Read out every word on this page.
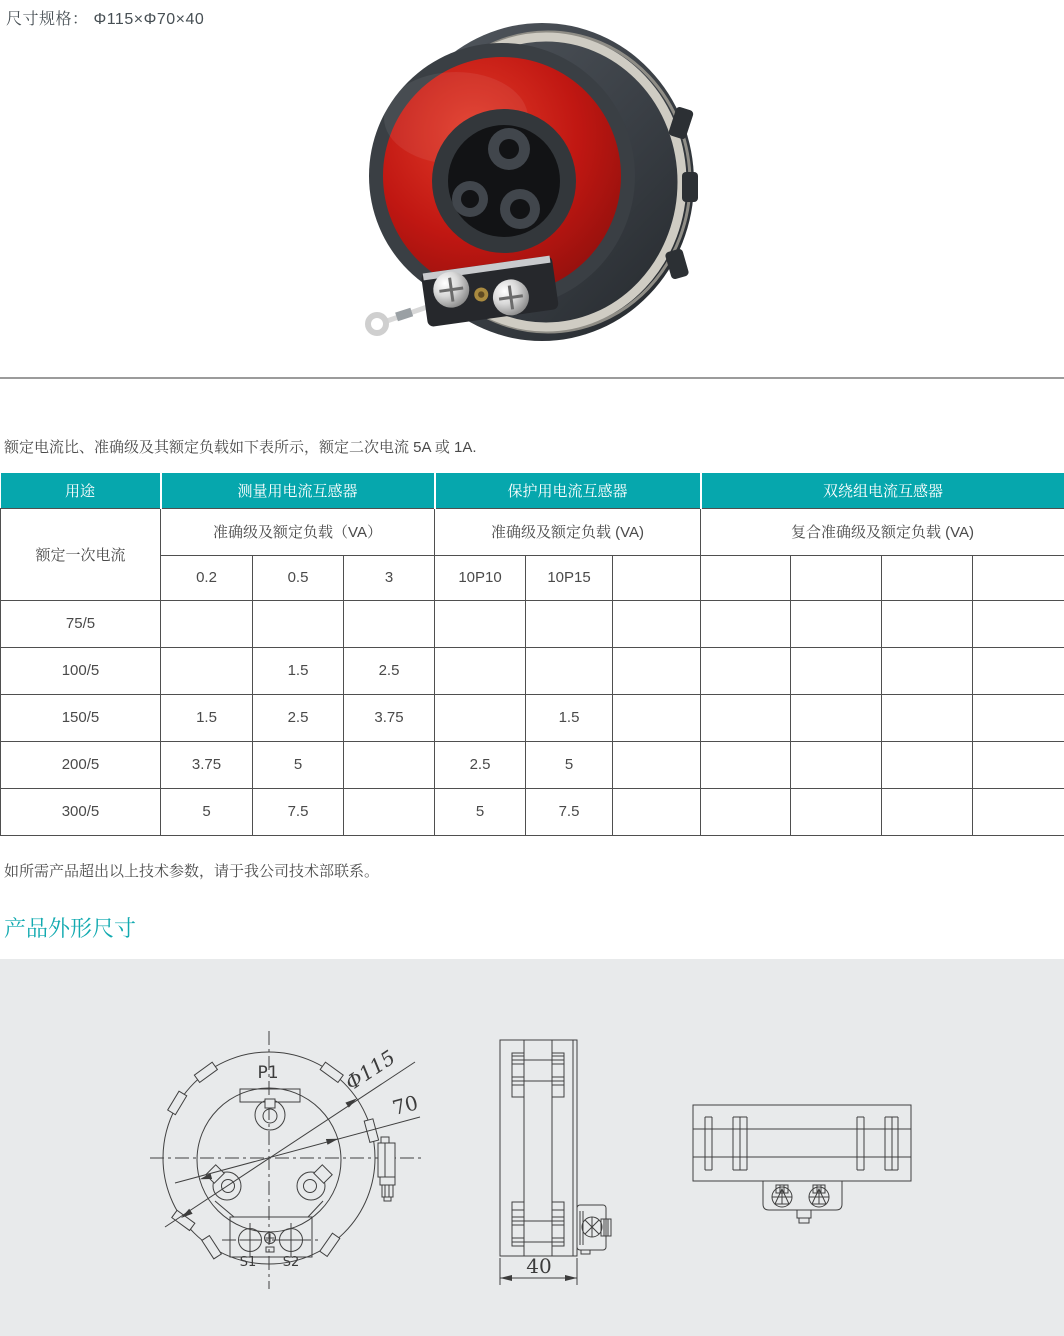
尺寸规格： Φ115×Φ70×40
额定电流比、准确级及其额定负载如下表所示，额定二次电流 5A 或 1A.
用途	测量用电流互感器			保护用电流互感器			双绕组电流互感器			
额定一次电流	准确级及额定负载（VA）			准确级及额定负载 (VA)			复合准确级及额定负载 (VA)			
	0.2	0.5	3	10P10	10P15					
75/5										
100/5		1.5	2.5							
150/5	1.5	2.5	3.75		1.5					
200/5	3.75	5		2.5	5					
300/5	5	7.5		5	7.5					
如所需产品超出以上技术参数，请于我公司技术部联系。
产品外形尺寸
Φ115
70
P1
S1 S2	40
